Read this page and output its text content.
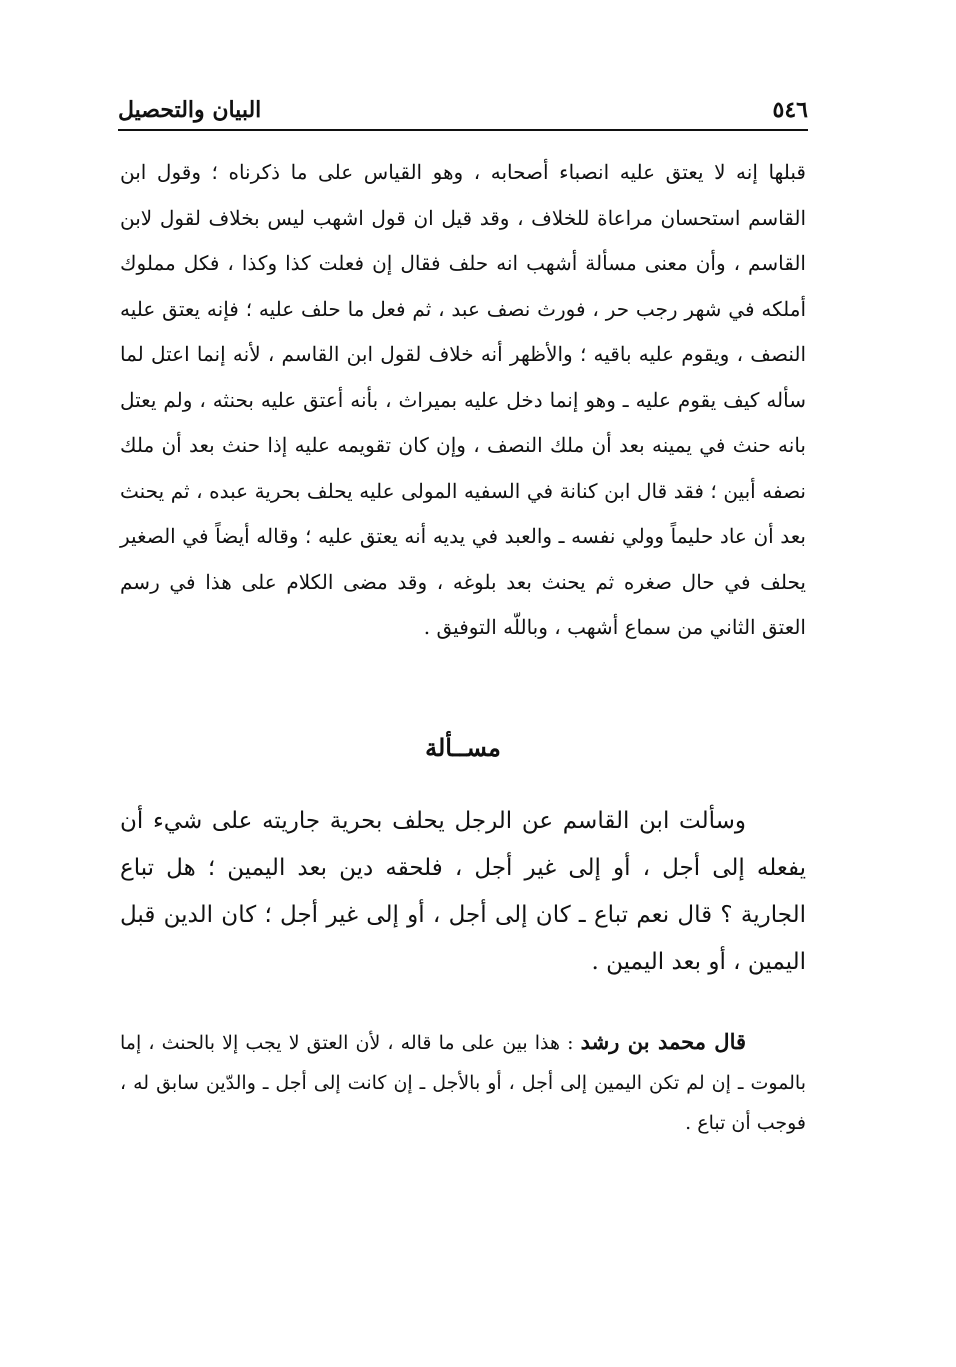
٥٤٦
البيان والتحصيل

قبلها إنه لا يعتق عليه انصباء أصحابه ، وهو القياس على ما ذكرناه ؛ وقول ابن القاسم استحسان مراعاة للخلاف ، وقد قيل ان قول اشهب ليس بخلاف لقول لابن القاسم ، وأن معنى مسألة أشهب انه حلف فقال إن فعلت كذا وكذا ، فكل مملوك أملكه في شهر رجب حر ، فورث نصف عبد ، ثم فعل ما حلف عليه ؛ فإنه يعتق عليه النصف ، ويقوم عليه باقيه ؛ والأظهر أنه خلاف لقول ابن القاسم ، لأنه إنما اعتل لما سأله كيف يقوم عليه ـ وهو إنما دخل عليه بميراث ، بأنه أعتق عليه بحنثه ، ولم يعتل بانه حنث في يمينه بعد أن ملك النصف ، وإن كان تقويمه عليه إذا حنث بعد أن ملك نصفه أبين ؛ فقد قال ابن كنانة في السفيه المولى عليه يحلف بحرية عبده ، ثم يحنث بعد أن عاد حليماً وولي نفسه ـ والعبد في يديه أنه يعتق عليه ؛ وقاله أيضاً في الصغير يحلف في حال صغره ثم يحنث بعد بلوغه ، وقد مضى الكلام على هذا في رسم العتق الثاني من سماع أشهب ، وباللّه التوفيق .

مســألة

وسألت ابن القاسم عن الرجل يحلف بحرية جاريته على شيء أن يفعله إلى أجل ، أو إلى غير أجل ، فلحقه دين بعد اليمين ؛ هل تباع الجارية ؟ قال نعم تباع ـ كان إلى أجل ، أو إلى غير أجل ؛ كان الدين قبل اليمين ، أو بعد اليمين .

قال محمد بن رشد : هذا بين على ما قاله ، لأن العتق لا يجب إلا بالحنث ، إما بالموت ـ إن لم تكن اليمين إلى أجل ، أو بالأجل ـ إن كانت إلى أجل ـ والدّين سابق له ، فوجب أن تباع .
